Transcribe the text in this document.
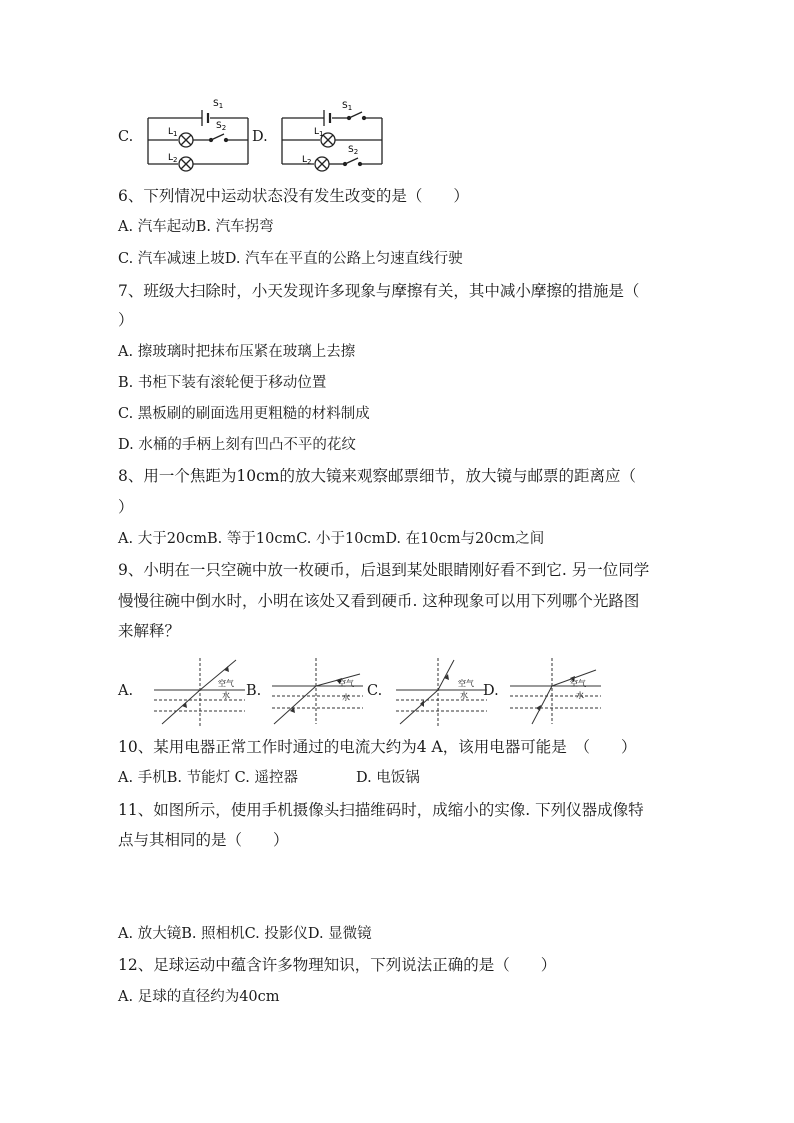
C.	D.
$S_1$
$S_2$
$L_1$
$L_2$
$S_1$
$L_1$
$L_2$
$S_2$
6、下列情况中运动状态没有发生改变的是（　　）
A. 汽车起动B. 汽车拐弯
C. 汽车减速上坡D. 汽车在平直的公路上匀速直线行驶
7、班级大扫除时，小天发现许多现象与摩擦有关，其中减小摩擦的措施是（
）
A. 擦玻璃时把抹布压紧在玻璃上去擦
B. 书柜下装有滚轮便于移动位置
C. 黑板刷的刷面选用更粗糙的材料制成
D. 水桶的手柄上刻有凹凸不平的花纹
8、用一个焦距为10cm的放大镜来观察邮票细节，放大镜与邮票的距离应（
）
A. 大于20cmB. 等于10cmC. 小于10cmD. 在10cm与20cm之间
9、小明在一只空碗中放一枚硬币，后退到某处眼睛刚好看不到它. 另一位同学
慢慢往碗中倒水时，小明在该处又看到硬币. 这种现象可以用下列哪个光路图
来解释？
A.	B.	C.	D.
空气
水
空气
水
空气
水
空气
水
10、某用电器正常工作时通过的电流大约为4 A，该用电器可能是　（　　）
A. 手机B. 节能灯 C. 遥控器　　　　D. 电饭锅
11、如图所示，使用手机摄像头扫描维码时，成缩小的实像. 下列仪器成像特
点与其相同的是（　　）
A. 放大镜B. 照相机C. 投影仪D. 显微镜
12、足球运动中蕴含许多物理知识，下列说法正确的是（　　）
A. 足球的直径约为40cm
